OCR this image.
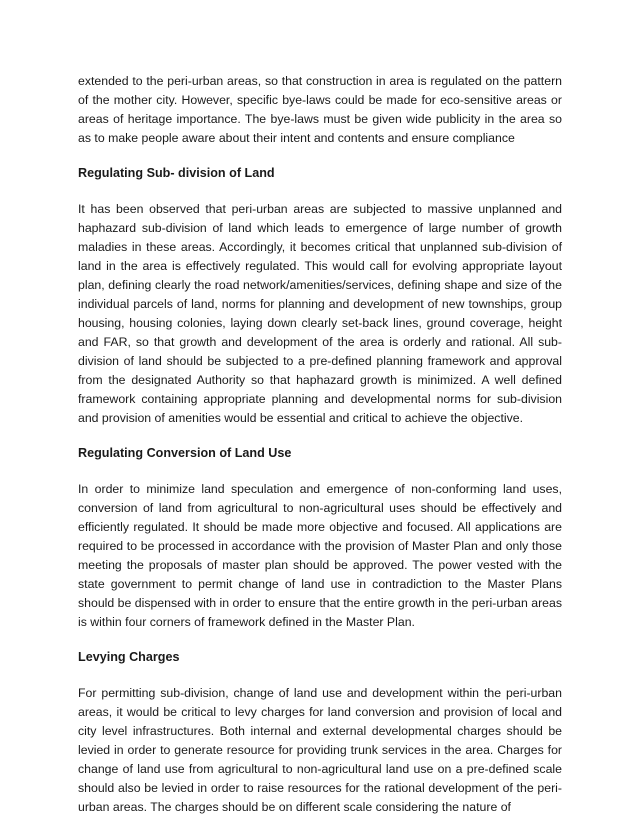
extended to the peri-urban areas, so that construction in area is regulated on the pattern of the mother city. However, specific bye-laws could be made for eco-sensitive areas or areas of heritage importance. The bye-laws must be given wide publicity in the area so as to make people aware about their intent and contents and ensure compliance

Regulating Sub- division of Land

It has been observed that peri-urban areas are subjected to massive unplanned and haphazard sub-division of land which leads to emergence of large number of growth maladies in these areas. Accordingly, it becomes critical that unplanned sub-division of land in the area is effectively regulated. This would call for evolving appropriate layout plan, defining clearly the road network/amenities/services, defining shape and size of the individual parcels of land, norms for planning and development of new townships, group housing, housing colonies, laying down clearly set-back lines, ground coverage, height and FAR, so that growth and development of the area is orderly and rational. All sub-division of land should be subjected to a pre-defined planning framework and approval from the designated Authority so that haphazard growth is minimized. A well defined framework containing appropriate planning and developmental norms for sub-division and provision of amenities would be essential and critical to achieve the objective.

Regulating Conversion of Land Use

In order to minimize land speculation and emergence of non-conforming land uses, conversion of land from agricultural to non-agricultural uses should be effectively and efficiently regulated. It should be made more objective and focused. All applications are required to be processed in accordance with the provision of Master Plan and only those meeting the proposals of master plan should be approved. The power vested with the state government to permit change of land use in contradiction to the Master Plans should be dispensed with in order to ensure that the entire growth in the peri-urban areas is within four corners of framework defined in the Master Plan.

Levying Charges

For permitting sub-division, change of land use and development within the peri-urban areas, it would be critical to levy charges for land conversion and provision of local and city level infrastructures. Both internal and external developmental charges should be levied in order to generate resource for providing trunk services in the area. Charges for change of land use from agricultural to non-agricultural land use on a pre-defined scale should also be levied in order to raise resources for the rational development of the peri-urban areas. The charges should be on different scale considering the nature of
